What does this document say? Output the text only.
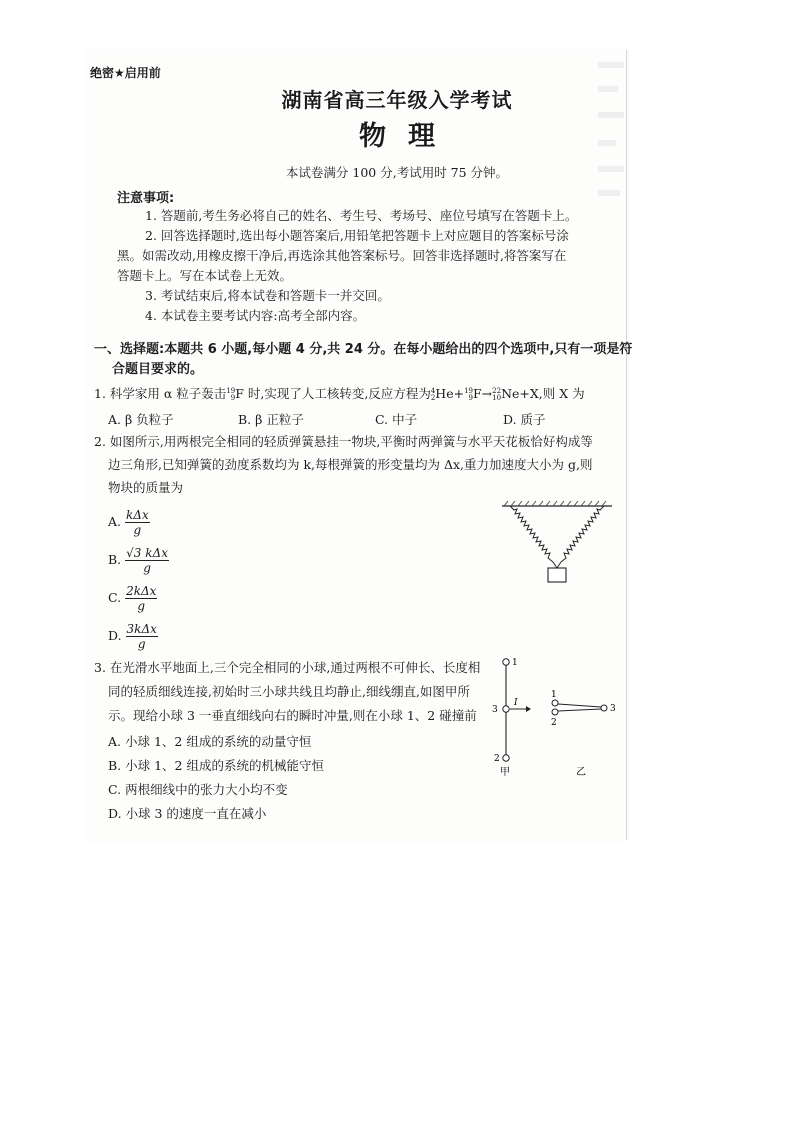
绝密★启用前
湖南省高三年级入学考试
物理
本试卷满分 100 分,考试用时 75 分钟。
注意事项:
1. 答题前,考生务必将自己的姓名、考生号、考场号、座位号填写在答题卡上。
2. 回答选择题时,选出每小题答案后,用铅笔把答题卡上对应题目的答案标号涂
黑。如需改动,用橡皮擦干净后,再选涂其他答案标号。回答非选择题时,将答案写在
答题卡上。写在本试卷上无效。
3. 考试结束后,将本试卷和答题卡一并交回。
4. 本试卷主要考试内容:高考全部内容。
一、选择题:本题共 6 小题,每小题 4 分,共 24 分。在每小题给出的四个选项中,只有一项是符
合题目要求的。
1. 科学家用 α 粒子轰击 19
9 F 时,实现了人工核转变,反应方程为 4
2 He+ 19
9 F→ 22
10 Ne+X,则 X 为
A. β 负粒子	B. β 正粒子	C. 中子	D. 质子
2. 如图所示,用两根完全相同的轻质弹簧悬挂一物块,平衡时两弹簧与水平天花板恰好构成等
边三角形,已知弹簧的劲度系数均为 k,每根弹簧的形变量均为 Δx,重力加速度大小为 g,则
物块的质量为
A. $\frac{\text{kΔx}}{g}$
B. $\frac{\text{√3 kΔx}}{g}$
C. $\frac{\text{2kΔx}}{g}$
D. $\frac{\text{3kΔx}}{g}$
3. 在光滑水平地面上,三个完全相同的小球,通过两根不可伸长、长度相
同的轻质细线连接,初始时三小球共线且均静止,细线绷直,如图甲所
示。现给小球 3 一垂直细线向右的瞬时冲量,则在小球 1、2 碰撞前
A. 小球 1、2 组成的系统的动量守恒
B. 小球 1、2 组成的系统的机械能守恒
C. 两根细线中的张力大小均不变
D. 小球 3 的速度一直在减小
1
3
2
I
甲
1
2
3
乙
